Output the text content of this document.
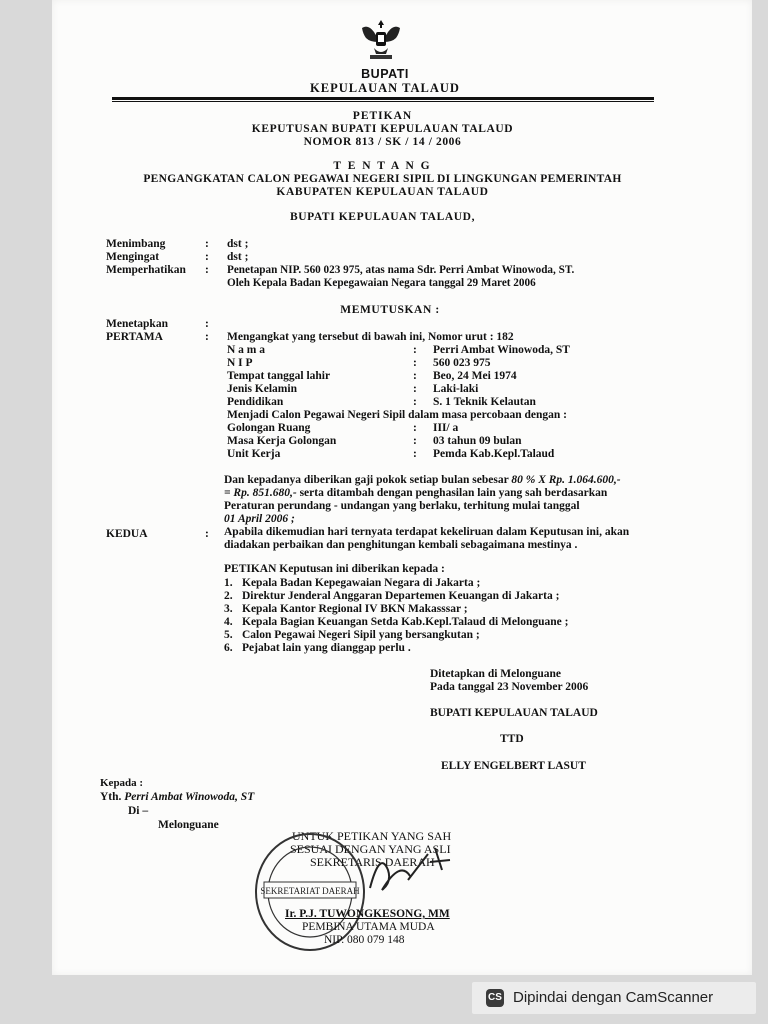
BUPATI
KEPULAUAN TALAUD
PETIKAN
KEPUTUSAN BUPATI KEPULAUAN TALAUD
NOMOR 813 / SK / 14 / 2006
T E N T A N G
PENGANGKATAN CALON PEGAWAI NEGERI SIPIL DI LINGKUNGAN PEMERINTAH
KABUPATEN KEPULAUAN TALAUD
BUPATI KEPULAUAN TALAUD,
Menimbang	: dst ;
Mengingat	: dst ;
Memperhatikan : Penetapan NIP. 560 023 975, atas nama Sdr. Perri Ambat Winowoda, ST.
Oleh Kepala Badan Kepegawaian Negara tanggal 29 Maret 2006
MEMUTUSKAN :
Menetapkan	:
PERTAMA	: Mengangkat yang tersebut di bawah ini, Nomor urut : 182
N a m a	: Perri Ambat Winowoda, ST
N I P	: 560 023 975
Tempat tanggal lahir	: Beo, 24 Mei 1974
Jenis Kelamin	: Laki-laki
Pendidikan	: S. 1 Teknik Kelautan
Menjadi Calon Pegawai Negeri Sipil dalam masa percobaan dengan :
Golongan Ruang	: III/ a
Masa Kerja Golongan	: 03 tahun 09 bulan
Unit Kerja	: Pemda Kab.Kepl.Talaud
Dan kepadanya diberikan gaji pokok setiap bulan sebesar 80 % X Rp. 1.064.600,-
= Rp. 851.680,- serta ditambah dengan penghasilan lain yang sah berdasarkan
Peraturan perundang - undangan yang berlaku, terhitung mulai tanggal
01 April 2006 ;
KEDUA	: Apabila dikemudian hari ternyata terdapat kekeliruan dalam Keputusan ini, akan
diadakan perbaikan dan penghitungan kembali sebagaimana mestinya .
PETIKAN Keputusan ini diberikan kepada :
1. Kepala Badan Kepegawaian Negara di Jakarta ;
2. Direktur Jenderal Anggaran Departemen Keuangan di Jakarta ;
3. Kepala Kantor Regional IV BKN Makasssar ;
4. Kepala Bagian Keuangan Setda Kab.Kepl.Talaud di Melonguane ;
5. Calon Pegawai Negeri Sipil yang bersangkutan ;
6. Pejabat lain yang dianggap perlu .
Ditetapkan di Melonguane
Pada tanggal 23 November 2006
BUPATI KEPULAUAN TALAUD
TTD
ELLY ENGELBERT LASUT
Kepada :
Yth. Perri Ambat Winowoda, ST
Di –
Melonguane
UNTUK PETIKAN YANG SAH
SESUAI DENGAN YANG ASLI
SEKRETARIS DAERAH
SEKRETARIAT DAERAH
Ir. P.J. TUWONGKESONG, MM
PEMBINA UTAMA MUDA
NIP. 080 079 148
CS Dipindai dengan CamScanner
